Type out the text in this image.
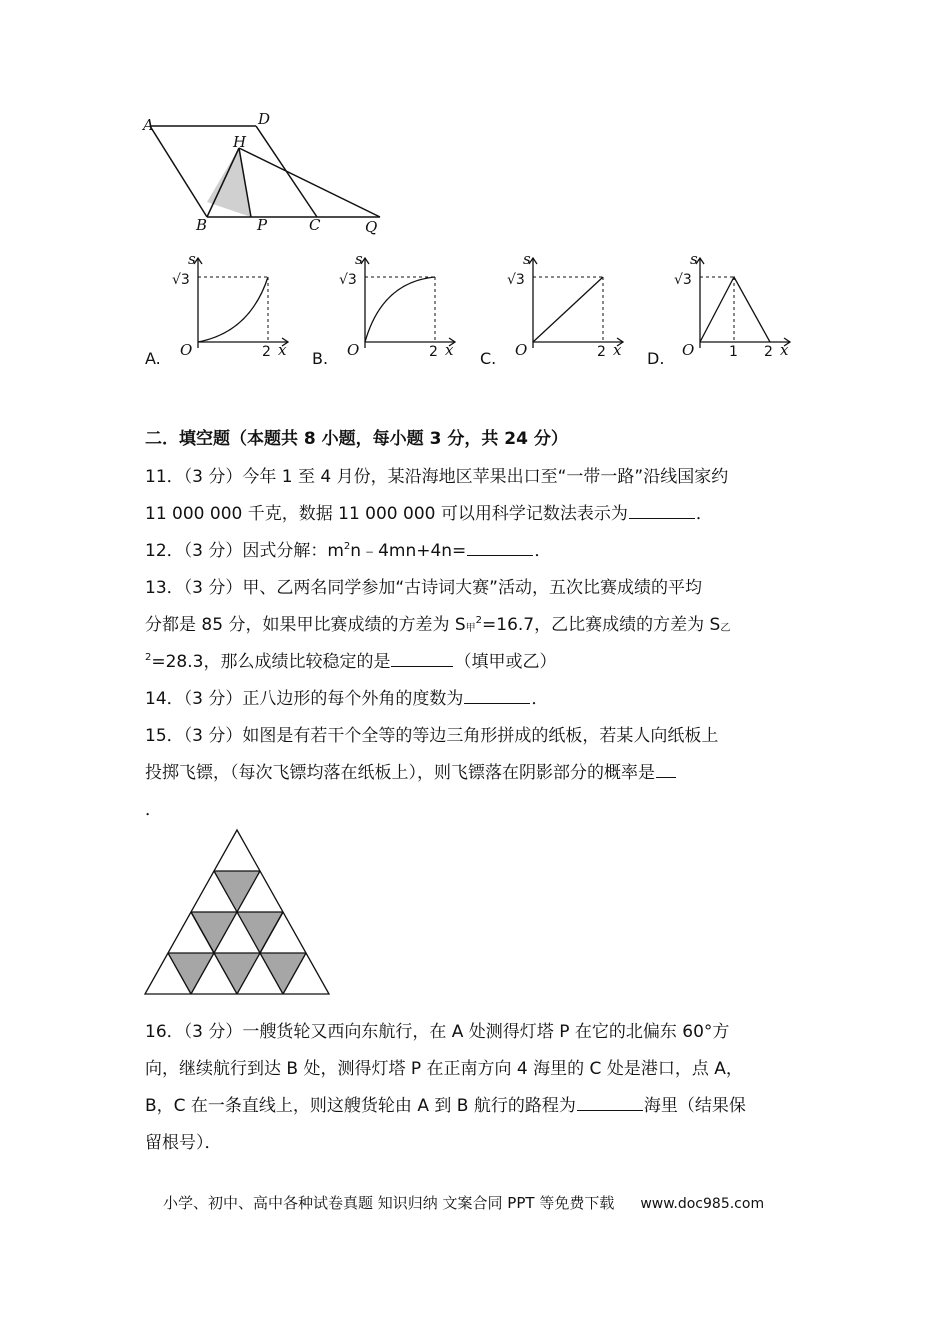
A	D
H
B	P	C	Q
A.
s
√3
O	2 x B.
s
√3
O	2 x C.
s
√3
O	2 x D.
s
√3
O 1 2 x
二．填空题（本题共 8 小题，每小题 3 分，共 24 分）
11．（3 分）今年 1 至 4 月份，某沿海地区苹果出口至“一带一路”沿线国家约
11 000 000 千克，数据 11 000 000 可以用科学记数法表示为	．
12．（3 分）因式分解：$m^2n﹣4mn+4n=$	．
13．（3 分）甲、乙两名同学参加“古诗词大赛”活动，五次比赛成绩的平均
分都是 85 分，如果甲比赛成绩的方差为 S甲$^2$=16.7，乙比赛成绩的方差为 S乙
$^2$=28.3，那么成绩比较稳定的是	（填甲或乙）
14．（3 分）正八边形的每个外角的度数为	．
15．（3 分）如图是有若干个全等的等边三角形拼成的纸板，若某人向纸板上
投掷飞镖，（每次飞镖均落在纸板上），则飞镖落在阴影部分的概率是
．
16．（3 分）一艘货轮又西向东航行，在 A 处测得灯塔 P 在它的北偏东 60°方
向，继续航行到达 B 处，测得灯塔 P 在正南方向 4 海里的 C 处是港口，点 A，
B，C 在一条直线上，则这艘货轮由 A 到 B 航行的路程为	海里（结果保
留根号）．
小学、初中、高中各种试卷真题 知识归纳 文案合同 PPT 等免费下载 www.doc985.com
